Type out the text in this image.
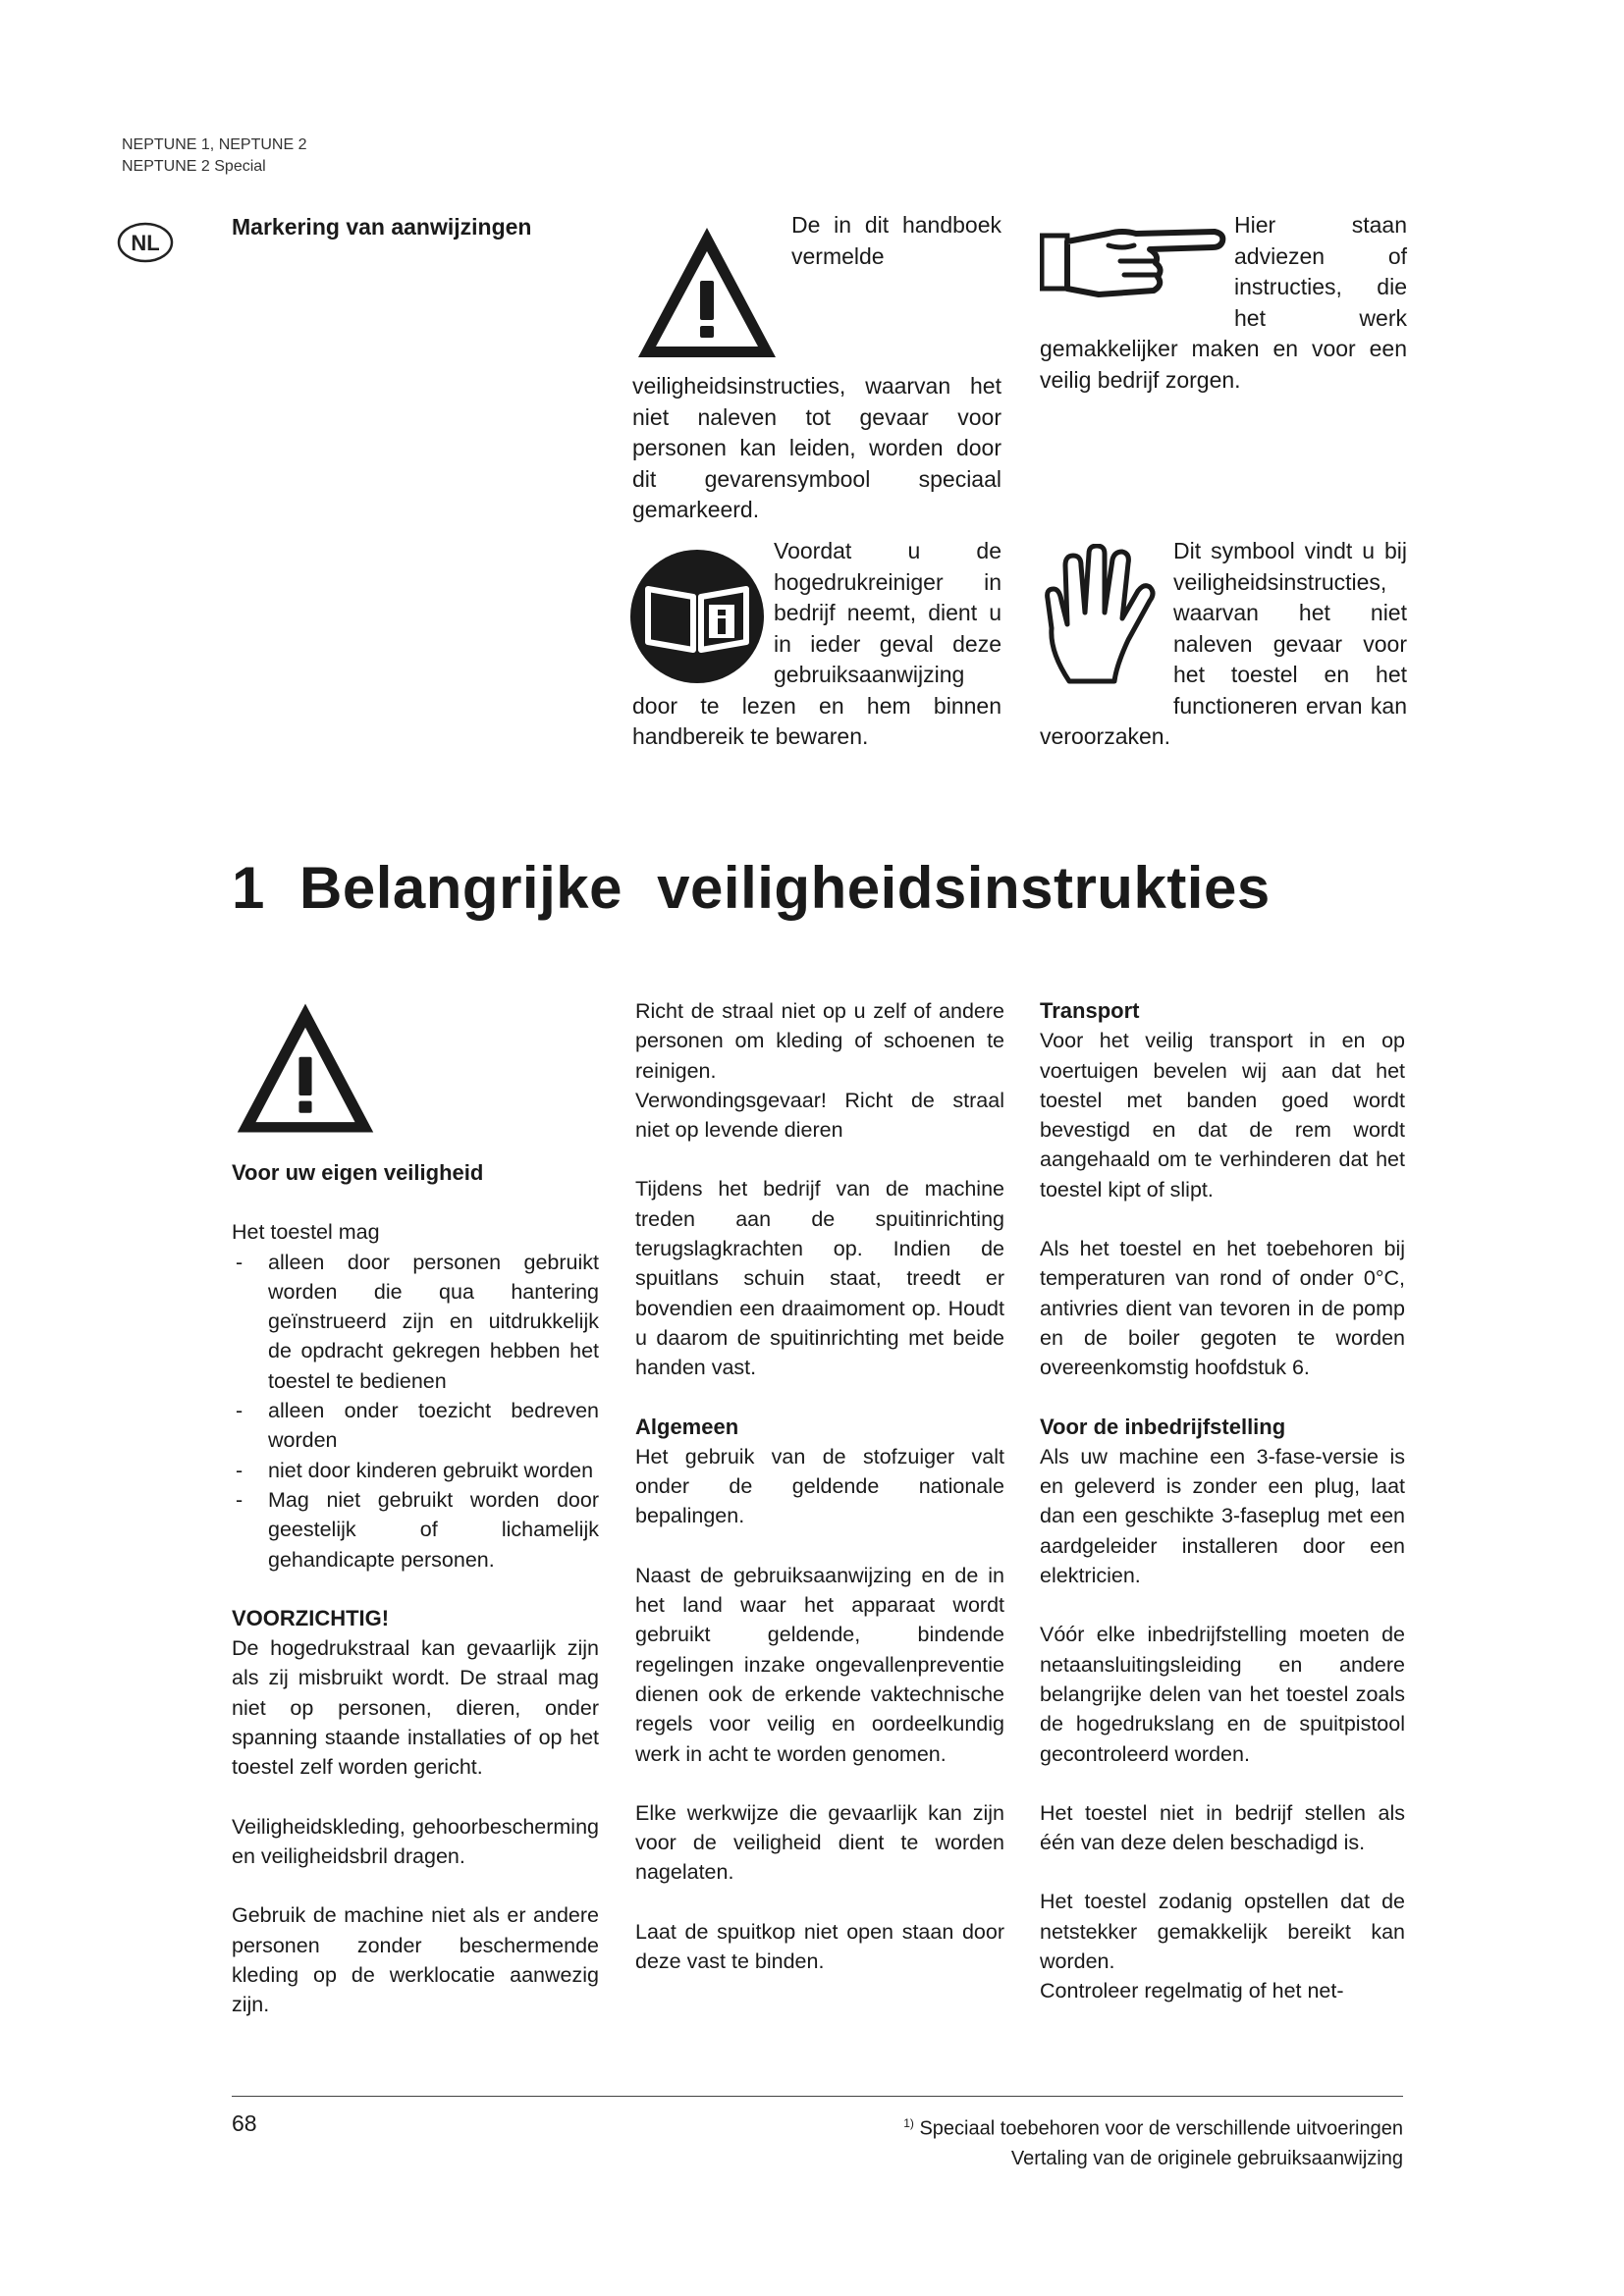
NEPTUNE 1, NEPTUNE 2
NEPTUNE 2 Special
NL
Markering van aanwijzingen	De in dit handboek vermelde veiligheidsinstructies, waarvan het niet naleven tot gevaar voor personen kan leiden, worden door dit gevarensymbool speciaal gemarkeerd.
Hier staan adviezen of instructies, die het werk gemakkelijker maken en voor een veilig bedrijf zorgen.
Voordat u de hogedrukreiniger in bedrijf neemt, dient u in ieder geval deze gebruiksaanwijzing door te lezen en hem binnen handbereik te bewaren.
Dit symbool vindt u bij veiligheidsinstructies, waarvan het niet naleven gevaar voor het toestel en het functioneren ervan kan veroorzaken.
1 Belangrijke veiligheidsinstrukties
Voor uw eigen veiligheid

Het toestel mag

- alleen door personen gebruikt worden die qua hantering geïnstrueerd zijn en uitdrukkelijk de opdracht gekregen hebben het toestel te bedienen
- alleen onder toezicht bedreven worden
- niet door kinderen gebruikt worden
- Mag niet gebruikt worden door geestelijk of lichamelijk gehandicapte personen.
VOORZICHTIG!

De hogedrukstraal kan gevaarlijk zijn als zij misbruikt wordt. De straal mag niet op personen, dieren, onder spanning staande installaties of op het toestel zelf worden gericht.

Veiligheidskleding, gehoorbescherming en veiligheidsbril dragen.

Gebruik de machine niet als er andere personen zonder beschermende kleding op de werklocatie aanwezig zijn.

Richt de straal niet op u zelf of andere personen om kleding of schoenen te reinigen.

Verwondingsgevaar! Richt de straal niet op levende dieren

Tijdens het bedrijf van de machine treden aan de spuitinrichting terugslagkrachten op. Indien de spuitlans schuin staat, treedt er bovendien een draaimoment op. Houdt u daarom de spuitinrichting met beide handen vast.

Algemeen

Het gebruik van de stofzuiger valt onder de geldende nationale bepalingen.

Naast de gebruiksaanwijzing en de in het land waar het apparaat wordt gebruikt geldende, bindende regelingen inzake ongevallenpreventie dienen ook de erkende vaktechnische regels voor veilig en oordeelkundig werk in acht te worden genomen.

Elke werkwijze die gevaarlijk kan zijn voor de veiligheid dient te worden nagelaten.

Laat de spuitkop niet open staan door deze vast te binden.

Transport

Voor het veilig transport in en op voertuigen bevelen wij aan dat het toestel met banden goed wordt bevestigd en dat de rem wordt aangehaald om te verhinderen dat het toestel kipt of slipt.

Als het toestel en het toebehoren bij temperaturen van rond of onder 0°C, antivries dient van tevoren in de pomp en de boiler gegoten te worden overeenkomstig hoofdstuk 6.

Voor de inbedrijfstelling

Als uw machine een 3-fase-versie is en geleverd is zonder een plug, laat dan een geschikte 3-faseplug met een aardgeleider installeren door een elektricien.

Vóór elke inbedrijfstelling moeten de netaansluitingsleiding en andere belangrijke delen van het toestel zoals de hogedrukslang en de spuitpistool gecontroleerd worden.

Het toestel niet in bedrijf stellen als één van deze delen beschadigd is.

Het toestel zodanig opstellen dat de netstekker gemakkelijk bereikt kan worden.

Controleer regelmatig of het net-

68	$^{1)}$ Speciaal toebehoren voor de verschillende uitvoeringen
Vertaling van de originele gebruiksaanwijzing
